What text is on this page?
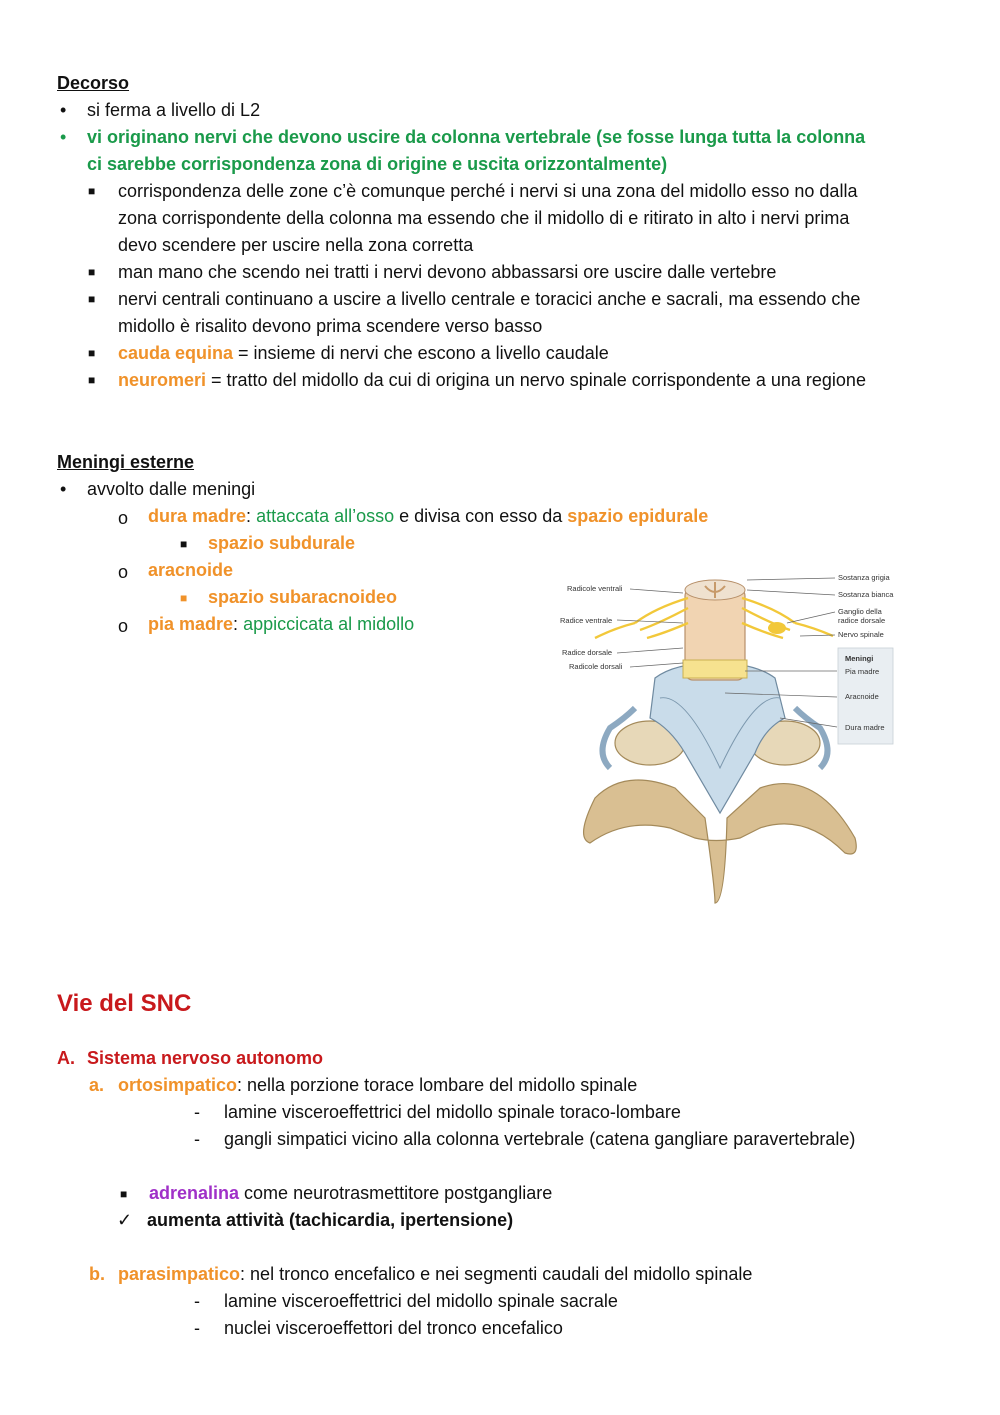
Decorso
• si ferma a livello di L2
• vi originano nervi che devono uscire da colonna vertebrale (se fosse lunga tutta la colonna
ci sarebbe corrispondenza zona di origine e uscita orizzontalmente)
■ corrispondenza delle zone c’è comunque perché i nervi si una zona del midollo esso no dalla
zona corrispondente della colonna ma essendo che il midollo di e ritirato in alto i nervi prima
devo scendere per uscire nella zona corretta
■ man mano che scendo nei tratti i nervi devono abbassarsi ore uscire dalle vertebre
■ nervi centrali continuano a uscire a livello centrale e toracici anche e sacrali, ma essendo che
midollo è risalito devono prima scendere verso basso
■ cauda equina = insieme di nervi che escono a livello caudale
■ neuromeri = tratto del midollo da cui di origina un nervo spinale corrispondente a una regione
Meningi esterne
• avvolto dalle meningi
o dura madre: attaccata all’osso e divisa con esso da spazio epidurale
■ spazio subdurale
o aracnoide
■ spazio subaracnoideo
o pia madre: appiccicata al midollo
Radicole ventrali
Radice ventrale
Radice dorsale
Radicole dorsali
Sostanza grigia
Sostanza bianca
Ganglio della
radice dorsale
Nervo spinale
Meningi
Pia madre
Aracnoide
Dura madre
Vie del SNC
A. Sistema nervoso autonomo
a. ortosimpatico: nella porzione torace lombare del midollo spinale
- lamine visceroeffettrici del midollo spinale toraco-lombare
- gangli simpatici vicino alla colonna vertebrale (catena gangliare paravertebrale)
■ adrenalina come neurotrasmettitore postgangliare
✓ aumenta attività (tachicardia, ipertensione)
b. parasimpatico: nel tronco encefalico e nei segmenti caudali del midollo spinale
- lamine visceroeffettrici del midollo spinale sacrale
- nuclei visceroeffettori del tronco encefalico
